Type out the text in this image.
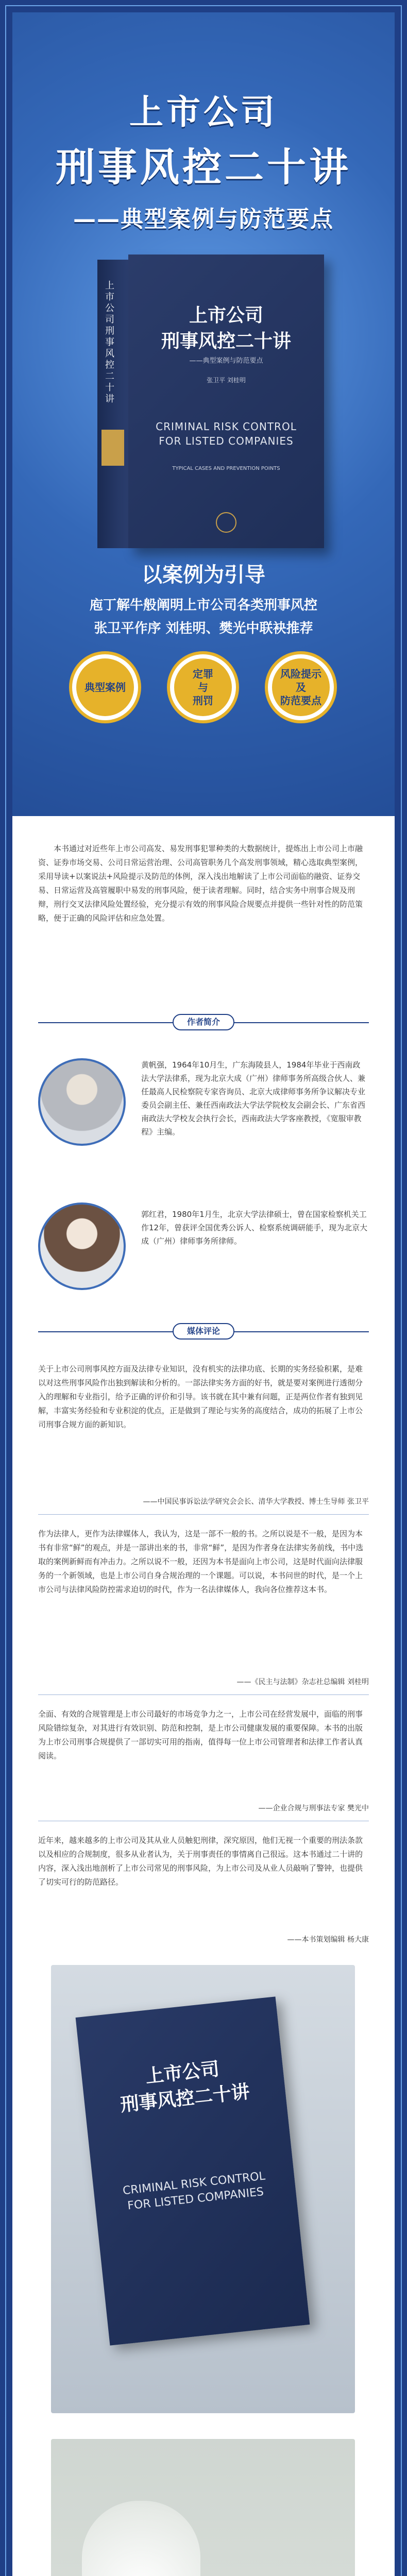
上市公司
刑事风控二十讲
——典型案例与防范要点
上市公司刑事风控二十讲
上市公司
刑事风控二十讲
——典型案例与防范要点
张卫平 刘桂明
CRIMINAL RISK CONTROL FOR LISTED COMPANIES
TYPICAL CASES AND PREVENTION POINTS
以案例为引导
庖丁解牛般阐明上市公司各类刑事风控
张卫平作序 刘桂明、樊光中联袂推荐
典型案例
定罪
与
刑罚
风险提示
及
防范要点
本书通过对近些年上市公司高发、易发刑事犯罪种类的大数据统计，提炼出上市公司上市融资、证券市场交易、公司日常运营治理、公司高管职务几个高发刑事领域，精心选取典型案例，采用导读+以案说法+风险提示及防范的体例，深入浅出地解读了上市公司面临的融资、证券交易、日常运营及高管履职中易发的刑事风险，便于读者理解。同时，结合实务中刑事合规及刑辩，刑行交叉法律风险处置经验，充分提示有效的刑事风险合规要点并提供一些针对性的防范策略，便于正确的风险评估和应急处置。
作者简介
黄帆强，1964年10月生，广东海陵县人，1984年毕业于西南政法大学法律系，现为北京大成（广州）律师事务所高级合伙人、兼任最高人民检察院专家咨询员、北京大成律师事务所争议解决专业委员会副主任、兼任西南政法大学法学院校友会副会长、广东省西南政法大学校友会执行会长，西南政法大学客座教授，《宽服审教程》主编。
郭红君，1980年1月生，北京大学法律硕士，曾在国家检察机关工作12年，曾获评全国优秀公诉人、检察系统调研能手，现为北京大成（广州）律师事务所律师。
媒体评论
关于上市公司刑事风控方面及法律专业知识，没有机实的法律功底、长期的实务经验积累，是难以对这些刑事风险作出独到解读和分析的。一部法律实务方面的好书，就是要对案例进行透彻分入的理解和专业指引，给予正确的评价和引导。该书就在其中兼有问题，正是两位作者有独到见解，丰富实务经验和专业积淀的优点，正是做到了理论与实务的高度结合，成功的拓展了上市公司刑事合规方面的新知识。
——中国民事诉讼法学研究会会长、清华大学教授、博士生导师 张卫平
作为法律人，更作为法律媒体人，我认为，这是一部不一般的书。之所以说是不一般，是因为本书有非常“鲜”的观点，并是一部讲出来的书，非常“鲜”，是因为作者身在法律实务前线，书中选取的案例新鲜而有冲击力。之所以说不一般，还因为本书是面向上市公司，这是时代面向法律服务的一个新领域，也是上市公司自身合规治理的一个课题。可以说，本书问世的时代，是一个上市公司与法律风险防控需求迫切的时代，作为一名法律媒体人，我向各位推荐这本书。
——《民主与法制》杂志社总编辑 刘桂明
全面、有效的合规管理是上市公司最好的市场竞争力之一，上市公司在经营发展中，面临的刑事风险错综复杂，对其进行有效识别、防范和控制，是上市公司健康发展的重要保障。本书的出版为上市公司刑事合规提供了一部切实可用的指南，值得每一位上市公司管理者和法律工作者认真阅读。
——企业合规与刑事法专家 樊光中
近年来，越来越多的上市公司及其从业人员触犯刑律，深究原因，他们无视一个重要的刑法条款以及相应的合规制度，很多从业者认为，关于刑事责任的事情离自己很远。这本书通过二十讲的内容，深入浅出地剖析了上市公司常见的刑事风险，为上市公司及从业人员敲响了警钟，也提供了切实可行的防范路径。
——本书策划编辑 杨大康
上市公司
刑事风控二十讲
CRIMINAL RISK CONTROL FOR LISTED COMPANIES
